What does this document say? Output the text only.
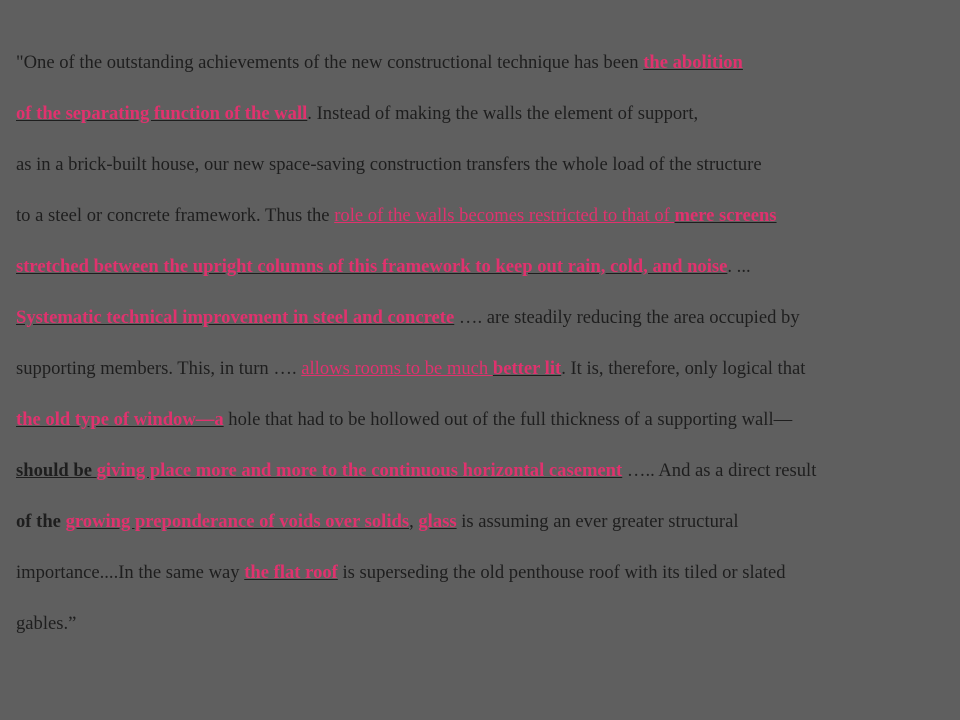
"One of the outstanding achievements of the new constructional technique has been the abolition
of the separating function of the wall. Instead of making the walls the element of support,
as in a brick-built house, our new space-saving construction transfers the whole load of the structure
to a steel or concrete framework. Thus the role of the walls becomes restricted to that of mere screens
stretched between the upright columns of this framework to keep out rain, cold, and noise. ...
Systematic technical improvement in steel and concrete …. are steadily reducing the area occupied by
supporting members. This, in turn …. allows rooms to be much better lit. It is, therefore, only logical that
the old type of window—a hole that had to be hollowed out of the full thickness of a supporting wall—
should be giving place more and more to the continuous horizontal casement ….. And as a direct result
of the growing preponderance of voids over solids, glass is assuming an ever greater structural
importance....In the same way the flat roof is superseding the old penthouse roof with its tiled or slated
gables.”
